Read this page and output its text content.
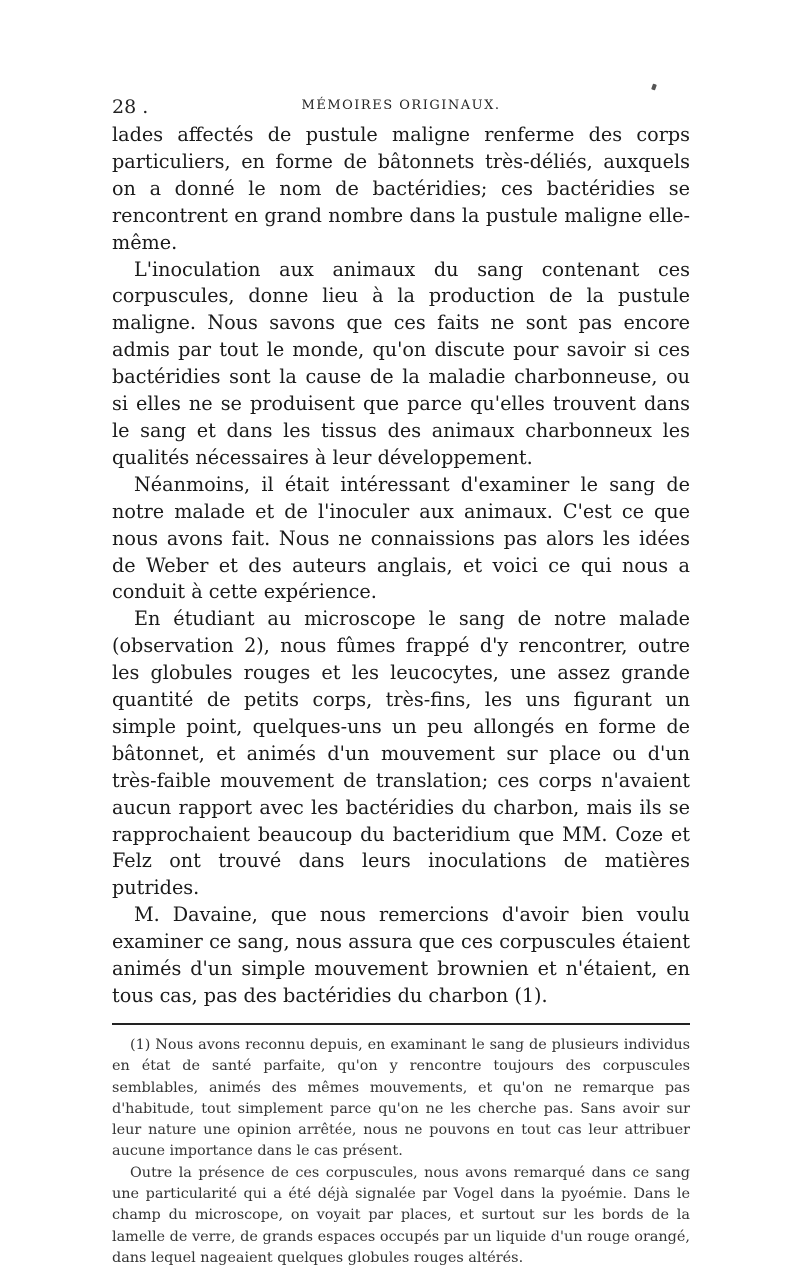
28 .	MÉMOIRES ORIGINAUX.

lades affectés de pustule maligne renferme des corps particuliers, en forme de bâtonnets très-déliés, auxquels on a donné le nom de bactéridies; ces bactéridies se rencontrent en grand nombre dans la pustule maligne elle-même.

L'inoculation aux animaux du sang contenant ces corpuscules, donne lieu à la production de la pustule maligne. Nous savons que ces faits ne sont pas encore admis par tout le monde, qu'on discute pour savoir si ces bactéridies sont la cause de la maladie charbonneuse, ou si elles ne se produisent que parce qu'elles trouvent dans le sang et dans les tissus des animaux charbonneux les qualités nécessaires à leur développement.

Néanmoins, il était intéressant d'examiner le sang de notre malade et de l'inoculer aux animaux. C'est ce que nous avons fait. Nous ne connaissions pas alors les idées de Weber et des auteurs anglais, et voici ce qui nous a conduit à cette expérience.

En étudiant au microscope le sang de notre malade (observation 2), nous fûmes frappé d'y rencontrer, outre les globules rouges et les leucocytes, une assez grande quantité de petits corps, très-fins, les uns figurant un simple point, quelques-uns un peu allongés en forme de bâtonnet, et animés d'un mouvement sur place ou d'un très-faible mouvement de translation; ces corps n'avaient aucun rapport avec les bactéridies du charbon, mais ils se rapprochaient beaucoup du bacteridium que MM. Coze et Felz ont trouvé dans leurs inoculations de matières putrides.

M. Davaine, que nous remercions d'avoir bien voulu examiner ce sang, nous assura que ces corpuscules étaient animés d'un simple mouvement brownien et n'étaient, en tous cas, pas des bactéridies du charbon (1).

(1) Nous avons reconnu depuis, en examinant le sang de plusieurs individus en état de santé parfaite, qu'on y rencontre toujours des corpuscules semblables, animés des mêmes mouvements, et qu'on ne remarque pas d'habitude, tout simplement parce qu'on ne les cherche pas. Sans avoir sur leur nature une opinion arrêtée, nous ne pouvons en tout cas leur attribuer aucune importance dans le cas présent.

Outre la présence de ces corpuscules, nous avons remarqué dans ce sang une particularité qui a été déjà signalée par Vogel dans la pyoémie. Dans le champ du microscope, on voyait par places, et surtout sur les bords de la lamelle de verre, de grands espaces occupés par un liquide d'un rouge orangé, dans lequel nageaient quelques globules rouges altérés.
